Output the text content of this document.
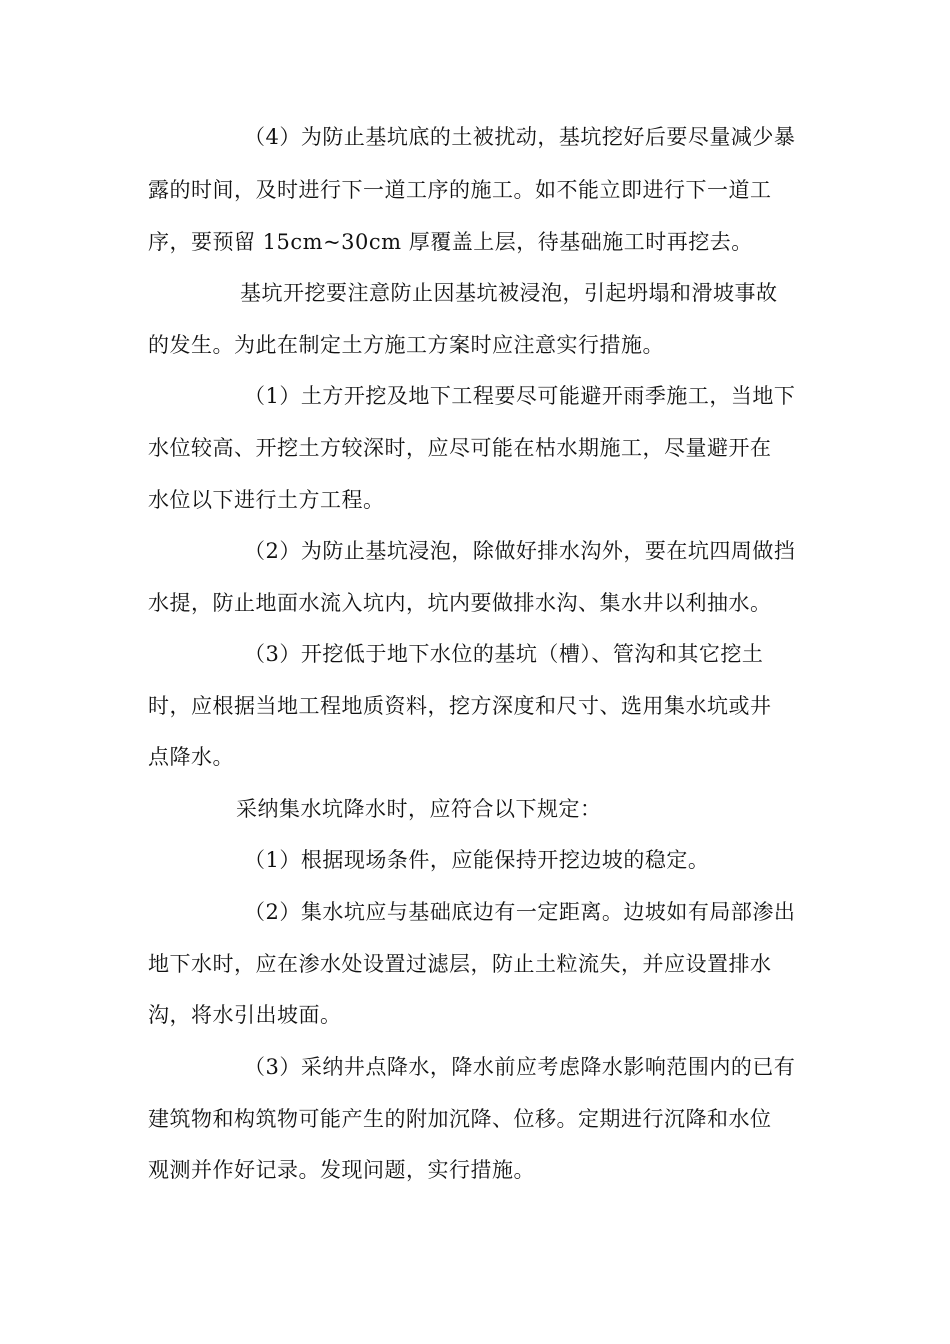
（4）为防止基坑底的土被扰动，基坑挖好后要尽量减少暴
露的时间，及时进行下一道工序的施工。如不能立即进行下一道工
序，要预留 15cm~30cm 厚覆盖上层，待基础施工时再挖去。
基坑开挖要注意防止因基坑被浸泡，引起坍塌和滑坡事故
的发生。为此在制定土方施工方案时应注意实行措施。
（1）土方开挖及地下工程要尽可能避开雨季施工，当地下
水位较高、开挖土方较深时，应尽可能在枯水期施工，尽量避开在
水位以下进行土方工程。
（2）为防止基坑浸泡，除做好排水沟外，要在坑四周做挡
水提，防止地面水流入坑内，坑内要做排水沟、集水井以利抽水。
（3）开挖低于地下水位的基坑（槽）、管沟和其它挖土
时，应根据当地工程地质资料，挖方深度和尺寸、选用集水坑或井
点降水。
采纳集水坑降水时，应符合以下规定：
（1）根据现场条件，应能保持开挖边坡的稳定。
（2）集水坑应与基础底边有一定距离。边坡如有局部渗出
地下水时，应在渗水处设置过滤层，防止土粒流失，并应设置排水
沟，将水引出坡面。
（3）采纳井点降水，降水前应考虑降水影响范围内的已有
建筑物和构筑物可能产生的附加沉降、位移。定期进行沉降和水位
观测并作好记录。发现问题，实行措施。
